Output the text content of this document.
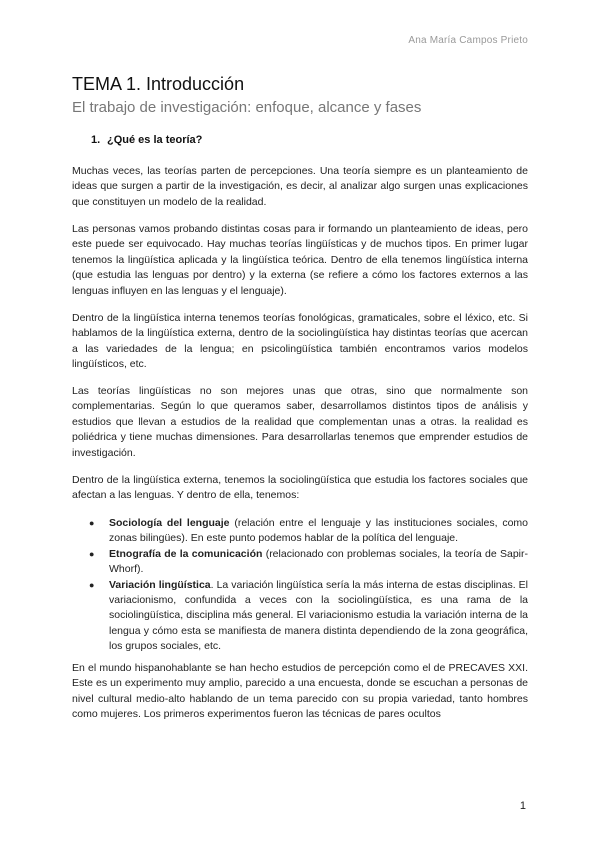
Ana María Campos Prieto
TEMA 1. Introducción
El trabajo de investigación: enfoque, alcance y fases
1. ¿Qué es la teoría?

Muchas veces, las teorías parten de percepciones. Una teoría siempre es un planteamiento de ideas que surgen a partir de la investigación, es decir, al analizar algo surgen unas explicaciones que constituyen un modelo de la realidad.

Las personas vamos probando distintas cosas para ir formando un planteamiento de ideas, pero este puede ser equivocado. Hay muchas teorías lingüísticas y de muchos tipos. En primer lugar tenemos la lingüística aplicada y la lingüística teórica. Dentro de ella tenemos lingüística interna (que estudia las lenguas por dentro) y la externa (se refiere a cómo los factores externos a las lenguas influyen en las lenguas y el lenguaje).

Dentro de la lingüística interna tenemos teorías fonológicas, gramaticales, sobre el léxico, etc. Si hablamos de la lingüística externa, dentro de la sociolingüística hay distintas teorías que acercan a las variedades de la lengua; en psicolingüística también encontramos varios modelos lingüísticos, etc.

Las teorías lingüísticas no son mejores unas que otras, sino que normalmente son complementarias. Según lo que queramos saber, desarrollamos distintos tipos de análisis y estudios que llevan a estudios de la realidad que complementan unas a otras. la realidad es poliédrica y tiene muchas dimensiones. Para desarrollarlas tenemos que emprender estudios de investigación.

Dentro de la lingüística externa, tenemos la sociolingüística que estudia los factores sociales que afectan a las lenguas. Y dentro de ella, tenemos:

● Sociología del lenguaje (relación entre el lenguaje y las instituciones sociales, como zonas bilingües). En este punto podemos hablar de la política del lenguaje.
● Etnografía de la comunicación (relacionado con problemas sociales, la teoría de Sapir-Whorf).
● Variación lingüística. La variación lingüística sería la más interna de estas disciplinas. El variacionismo, confundida a veces con la sociolingüística, es una rama de la sociolingüística, disciplina más general. El variacionismo estudia la variación interna de la lengua y cómo esta se manifiesta de manera distinta dependiendo de la zona geográfica, los grupos sociales, etc.

En el mundo hispanohablante se han hecho estudios de percepción como el de PRECAVES XXI. Este es un experimento muy amplio, parecido a una encuesta, donde se escuchan a personas de nivel cultural medio-alto hablando de un tema parecido con su propia variedad, tanto hombres como mujeres. Los primeros experimentos fueron las técnicas de pares ocultos

1
